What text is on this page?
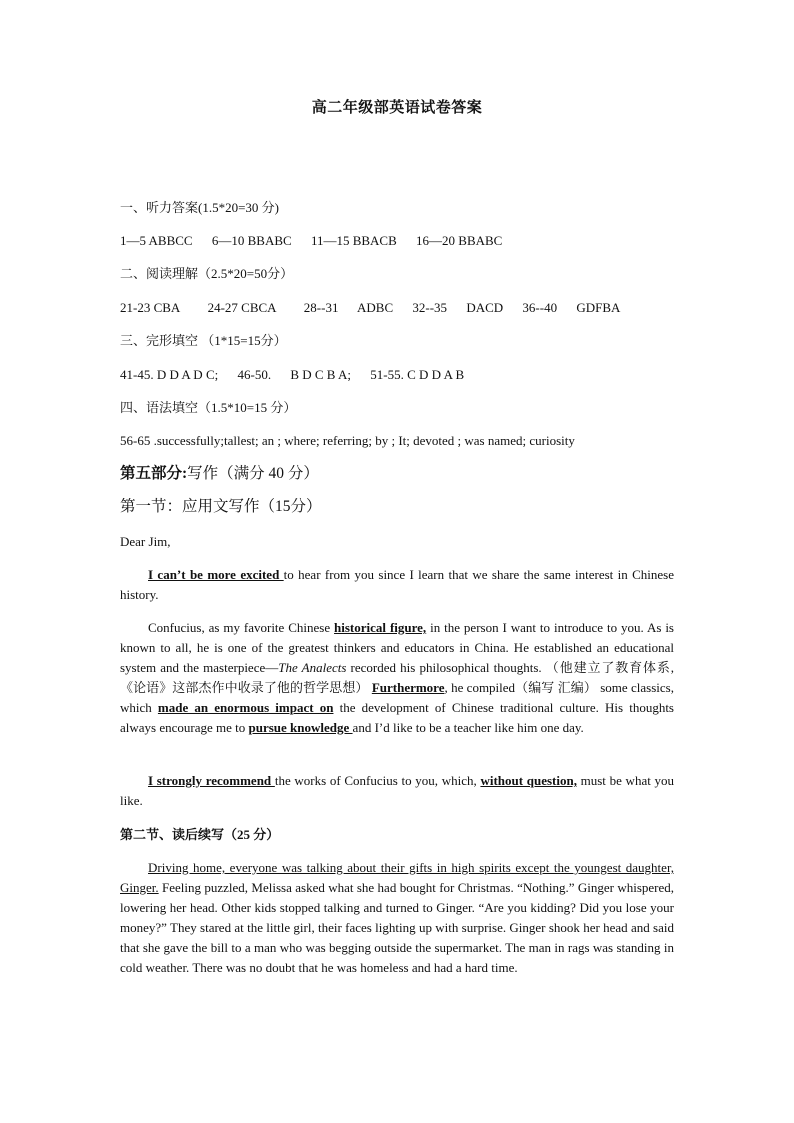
高二年级部英语试卷答案
一、听力答案(1.5*20=30 分)
1—5 ABBCC 6—10 BBABC 11—15 BBACB 16—20 BBABC
二、阅读理解（2.5*20=50分）
21-23 CBA 24-27 CBCA 28--31 ADBC 32--35 DACD 36--40 GDFBA
三、完形填空 （1*15=15分）
41-45. D D A D C; 46-50. B D C B A; 51-55. C D D A B
四、语法填空（1.5*10=15 分）
56-65 .successfully;tallest; an ; where; referring; by ; It; devoted ; was named; curiosity
第五部分:写作（满分 40 分）
第一节：应用文写作（15分）
Dear Jim,
I can’t be more excited to hear from you since I learn that we share the same interest in Chinese history.
Confucius, as my favorite Chinese historical figure, in the person I want to introduce to you. As is known to all, he is one of the greatest thinkers and educators in China. He established an educational system and the masterpiece—The Analects recorded his philosophical thoughts. （他建立了教育体系,《论语》这部杰作中收录了他的哲学思想） Furthermore, he compiled（编写 汇编） some classics, which made an enormous impact on the development of Chinese traditional culture. His thoughts always encourage me to pursue knowledge and I’d like to be a teacher like him one day.
I strongly recommend the works of Confucius to you, which, without question, must be what you like.
第二节、读后续写（25 分）
Driving home, everyone was talking about their gifts in high spirits except the youngest daughter, Ginger. Feeling puzzled, Melissa asked what she had bought for Christmas. “Nothing.” Ginger whispered, lowering her head. Other kids stopped talking and turned to Ginger. “Are you kidding? Did you lose your money?” They stared at the little girl, their faces lighting up with surprise. Ginger shook her head and said that she gave the bill to a man who was begging outside the supermarket. The man in rags was standing in cold weather. There was no doubt that he was homeless and had a hard time.
